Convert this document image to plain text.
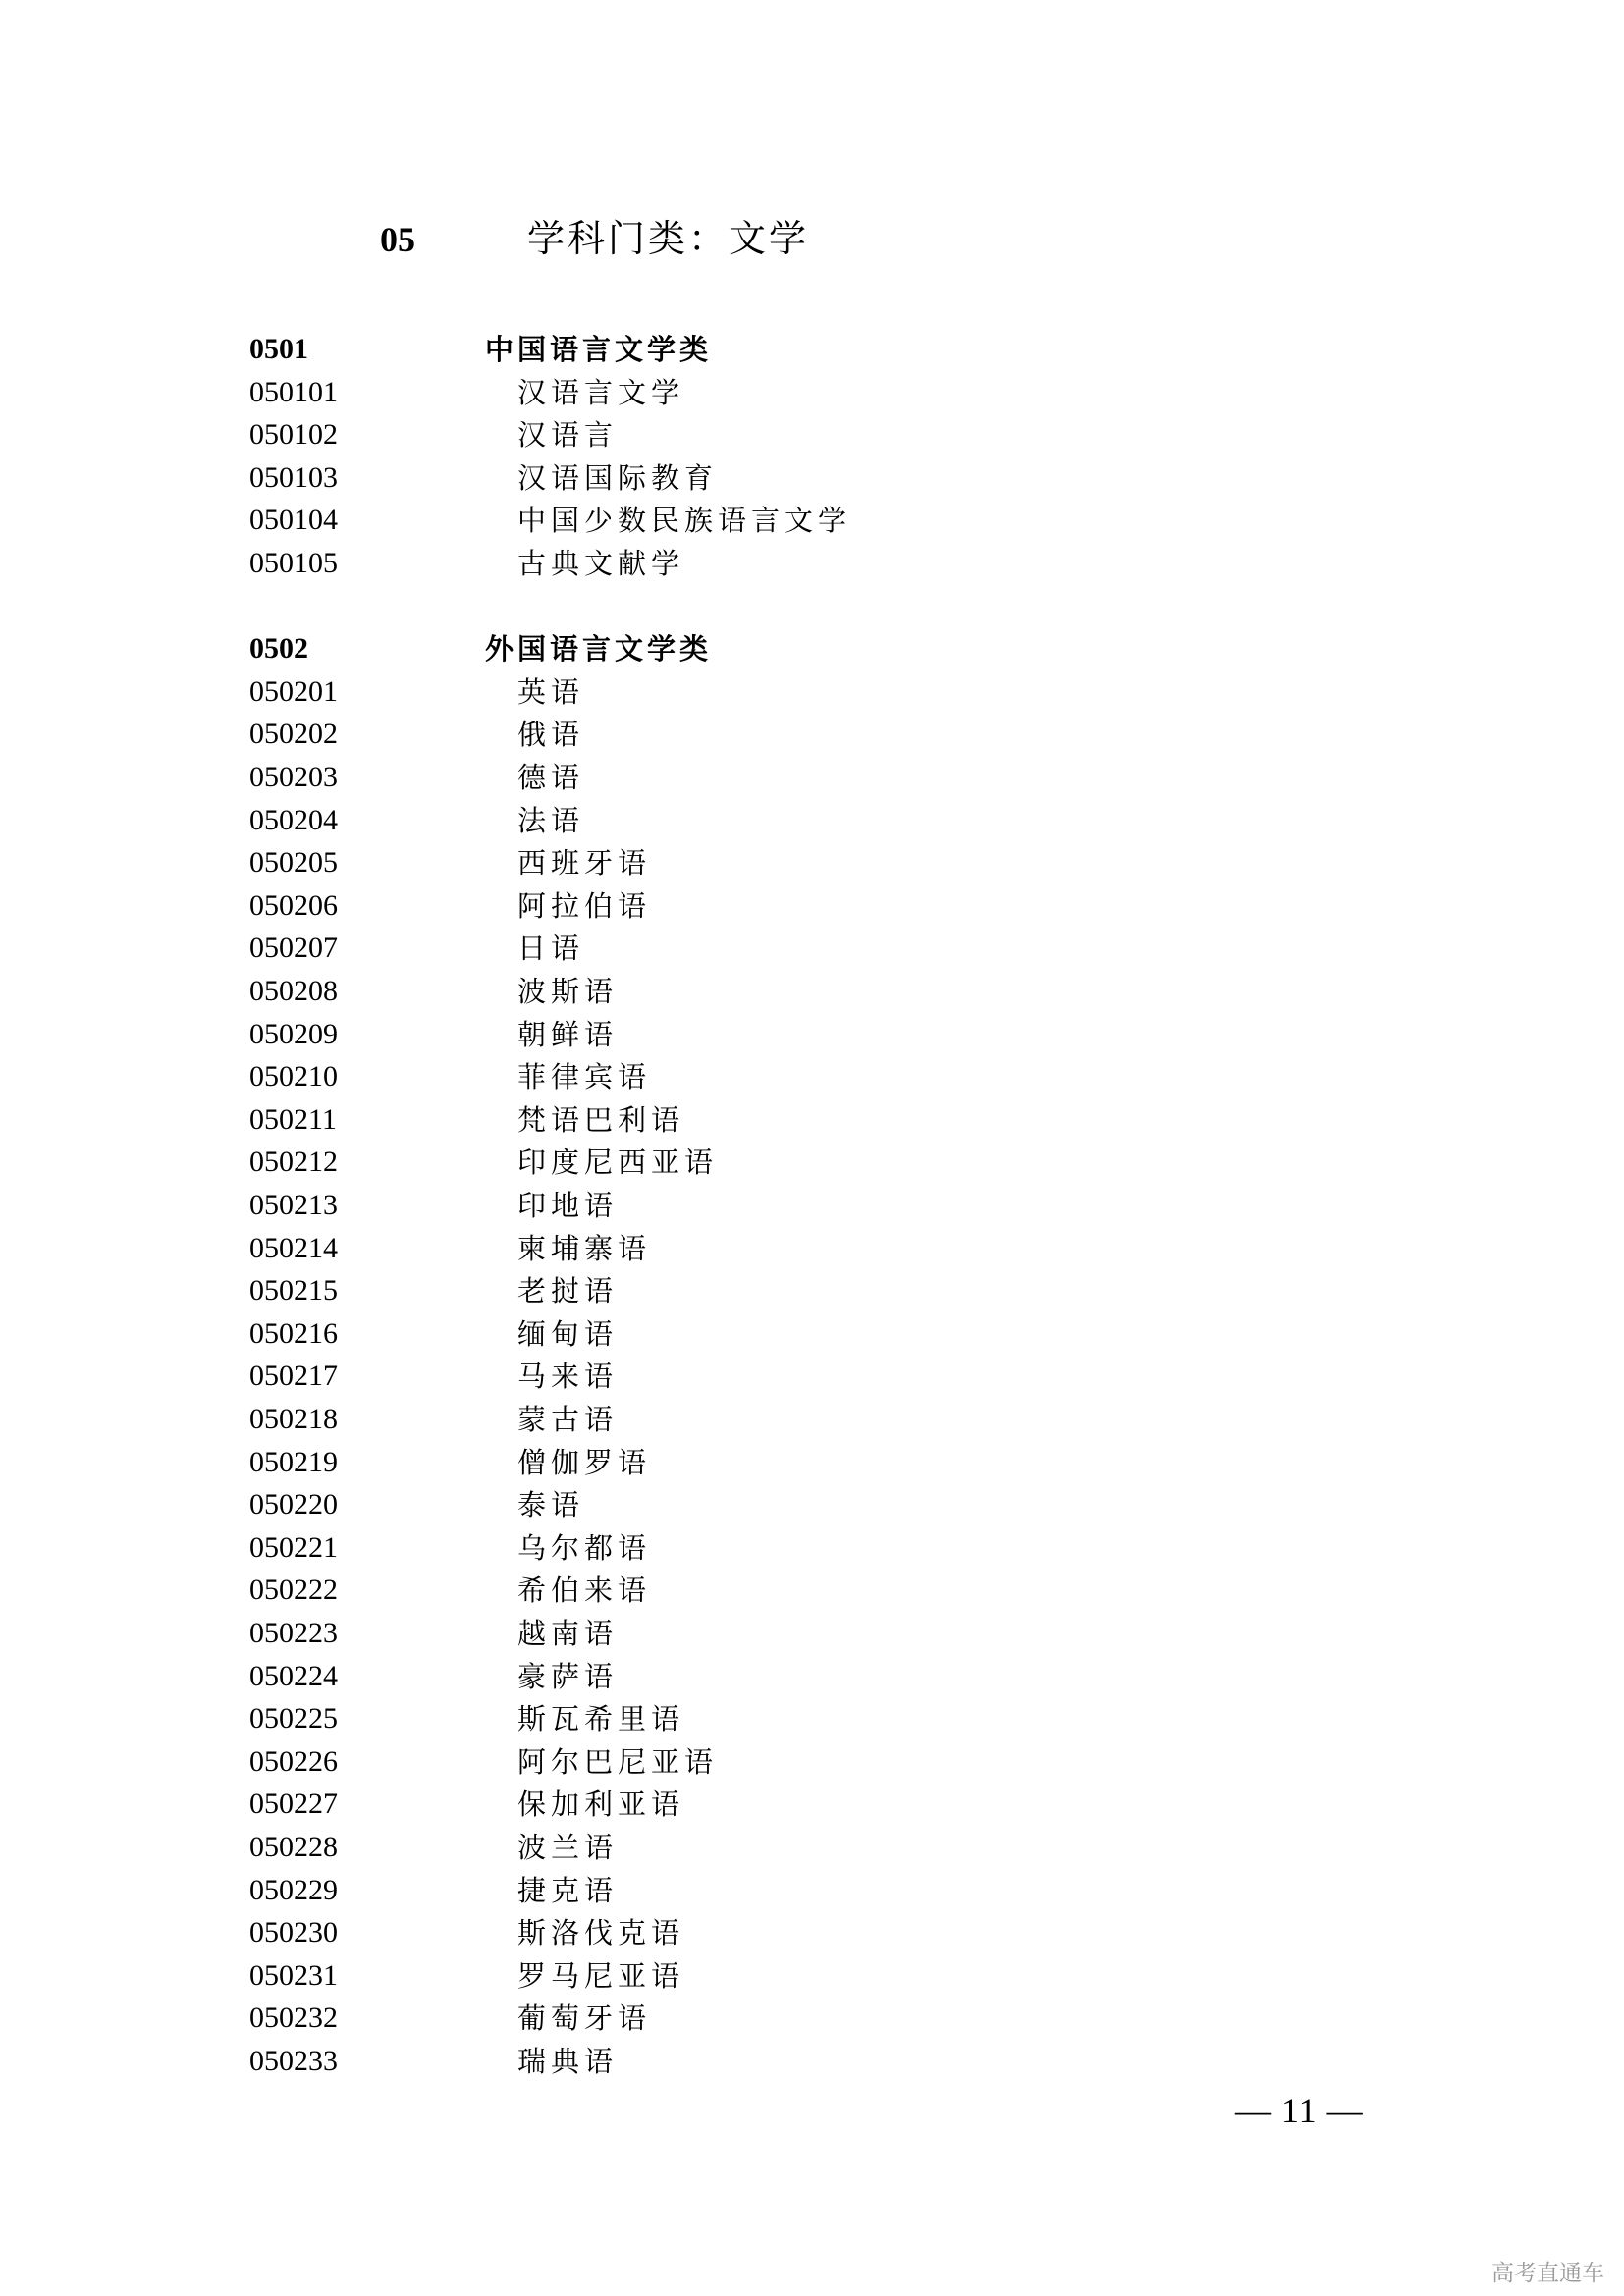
05	学科门类：文学
0501	中国语言文学类
050101	汉语言文学
050102	汉语言
050103	汉语国际教育
050104	中国少数民族语言文学
050105	古典文献学
0502	外国语言文学类
050201	英语
050202	俄语
050203	德语
050204	法语
050205	西班牙语
050206	阿拉伯语
050207	日语
050208	波斯语
050209	朝鲜语
050210	菲律宾语
050211	梵语巴利语
050212	印度尼西亚语
050213	印地语
050214	柬埔寨语
050215	老挝语
050216	缅甸语
050217	马来语
050218	蒙古语
050219	僧伽罗语
050220	泰语
050221	乌尔都语
050222	希伯来语
050223	越南语
050224	豪萨语
050225	斯瓦希里语
050226	阿尔巴尼亚语
050227	保加利亚语
050228	波兰语
050229	捷克语
050230	斯洛伐克语
050231	罗马尼亚语
050232	葡萄牙语
050233	瑞典语
— 11 —
高考直通车
